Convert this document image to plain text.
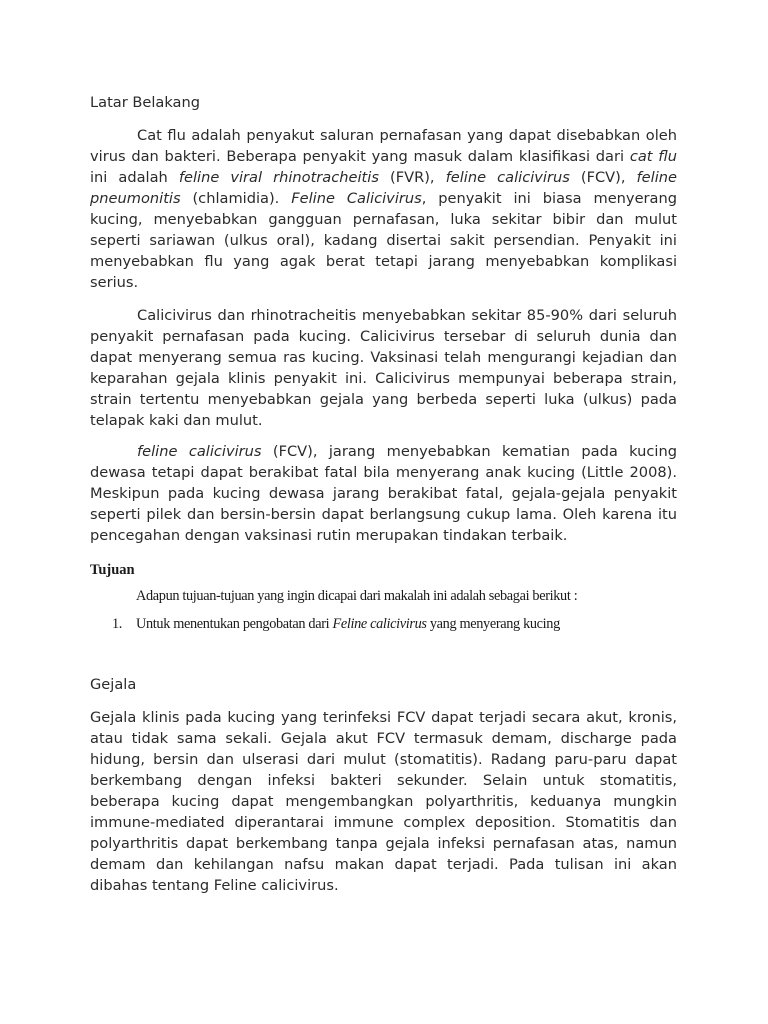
Latar Belakang

Cat flu adalah penyakut saluran pernafasan yang dapat disebabkan oleh virus dan bakteri. Beberapa penyakit yang masuk dalam klasifikasi dari cat flu ini adalah feline viral rhinotracheitis (FVR), feline calicivirus (FCV), feline pneumonitis (chlamidia). Feline Calicivirus, penyakit ini biasa menyerang kucing, menyebabkan gangguan pernafasan, luka sekitar bibir dan mulut seperti sariawan (ulkus oral), kadang disertai sakit persendian. Penyakit ini menyebabkan flu yang agak berat tetapi jarang menyebabkan komplikasi serius.

Calicivirus dan rhinotracheitis menyebabkan sekitar 85-90% dari seluruh penyakit pernafasan pada kucing. Calicivirus tersebar di seluruh dunia dan dapat menyerang semua ras kucing. Vaksinasi telah mengurangi kejadian dan keparahan gejala klinis penyakit ini. Calicivirus mempunyai beberapa strain, strain tertentu menyebabkan gejala yang berbeda seperti luka (ulkus) pada telapak kaki dan mulut.

feline calicivirus (FCV), jarang menyebabkan kematian pada kucing dewasa tetapi dapat berakibat fatal bila menyerang anak kucing (Little 2008). Meskipun pada kucing dewasa jarang berakibat fatal, gejala-gejala penyakit seperti pilek dan bersin-bersin dapat berlangsung cukup lama. Oleh karena itu pencegahan dengan vaksinasi rutin merupakan tindakan terbaik.

Tujuan

Adapun tujuan-tujuan yang ingin dicapai dari makalah ini adalah sebagai berikut :

1. Untuk menentukan pengobatan dari Feline calicivirus yang menyerang kucing

Gejala

Gejala klinis pada kucing yang terinfeksi FCV dapat terjadi secara akut, kronis, atau tidak sama sekali. Gejala akut FCV termasuk demam, discharge pada hidung, bersin dan ulserasi dari mulut (stomatitis). Radang paru-paru dapat berkembang dengan infeksi bakteri sekunder. Selain untuk stomatitis, beberapa kucing dapat mengembangkan polyarthritis, keduanya mungkin immune-mediated diperantarai immune complex deposition. Stomatitis dan polyarthritis dapat berkembang tanpa gejala infeksi pernafasan atas, namun demam dan kehilangan nafsu makan dapat terjadi. Pada tulisan ini akan dibahas tentang Feline calicivirus.
